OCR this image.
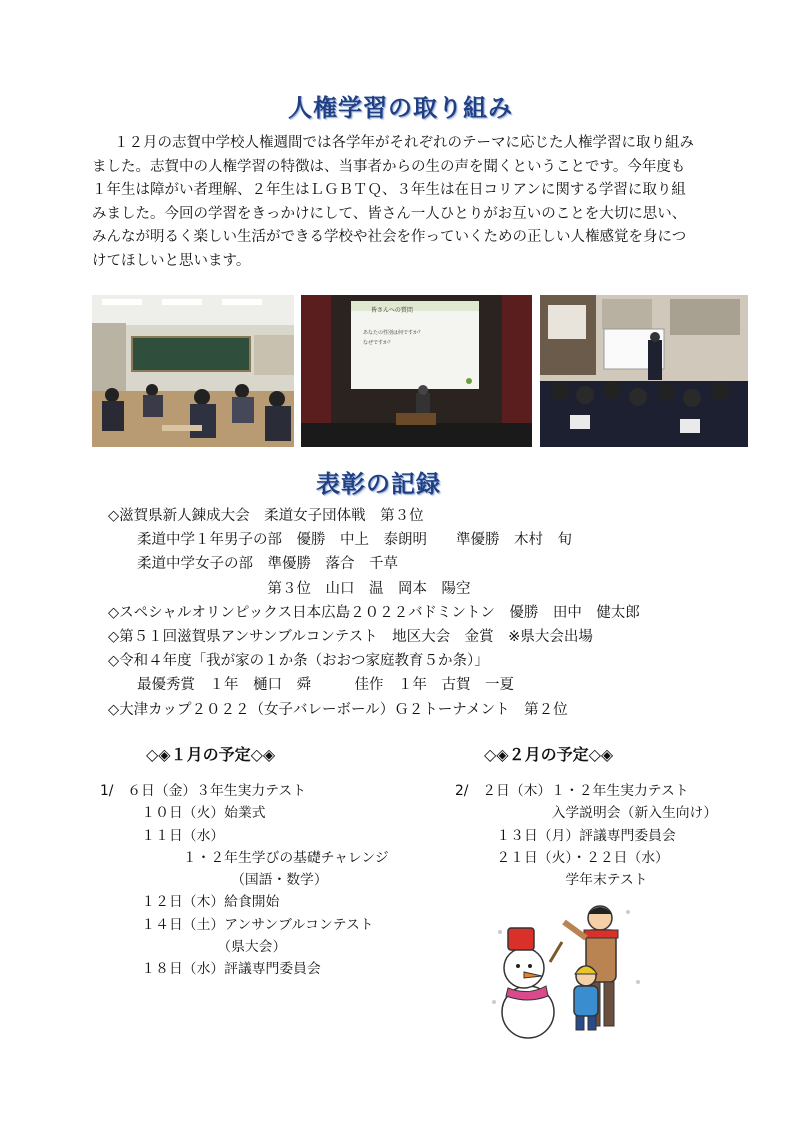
人権学習の取り組み

１２月の志賀中学校人権週間では各学年がそれぞれのテーマに応じた人権学習に取り組み

ました。志賀中の人権学習の特徴は、当事者からの生の声を聞くということです。今年度も

１年生は障がい者理解、２年生はＬＧＢＴＱ、３年生は在日コリアンに関する学習に取り組

みました。今回の学習をきっかけにして、皆さん一人ひとりがお互いのことを大切に思い、

みんなが明るく楽しい生活ができる学校や社会を作っていくための正しい人権感覚を身につ

けてほしいと思います。

皆さんへの質問
あなたの性別は何ですか？
なぜですか？
表彰の記録
◇滋賀県新人錬成大会　柔道女子団体戦　第３位
　　柔道中学１年男子の部　優勝　中上　泰朗明　　準優勝　木村　旬
　　柔道中学女子の部　準優勝　落合　千草
　　　　　　　　　　　第３位　山口　温　岡本　陽空
◇スペシャルオリンピックス日本広島２０２２バドミントン　優勝　田中　健太郎
◇第５１回滋賀県アンサンブルコンテスト　地区大会　金賞　※県大会出場
◇令和４年度「我が家の１か条（おおつ家庭教育５か条）」
　　最優秀賞　１年　樋口　舜　　　佳作　１年　古賀　一夏
◇大津カップ２０２２（女子バレーボール）Ｇ２トーナメント　第２位
◇◈１月の予定◇◈
1/　６日（金）３年生実力テスト
　　　１０日（火）始業式
　　　１１日（水）
　　　　　　１・２年生学びの基礎チャレンジ
　　　　　　　　　　（国語・数学）
　　　１２日（木）給食開始
　　　１４日（土）アンサンブルコンテスト
　　　　　　　　　（県大会）
　　　１８日（水）評議専門委員会
◇◈２月の予定◇◈
2/　２日（木）１・２年生実力テスト
　　　　　　　入学説明会（新入生向け）
　　　１３日（月）評議専門委員会
　　　２１日（火）・２２日（水）
　　　　　　　　学年末テスト
